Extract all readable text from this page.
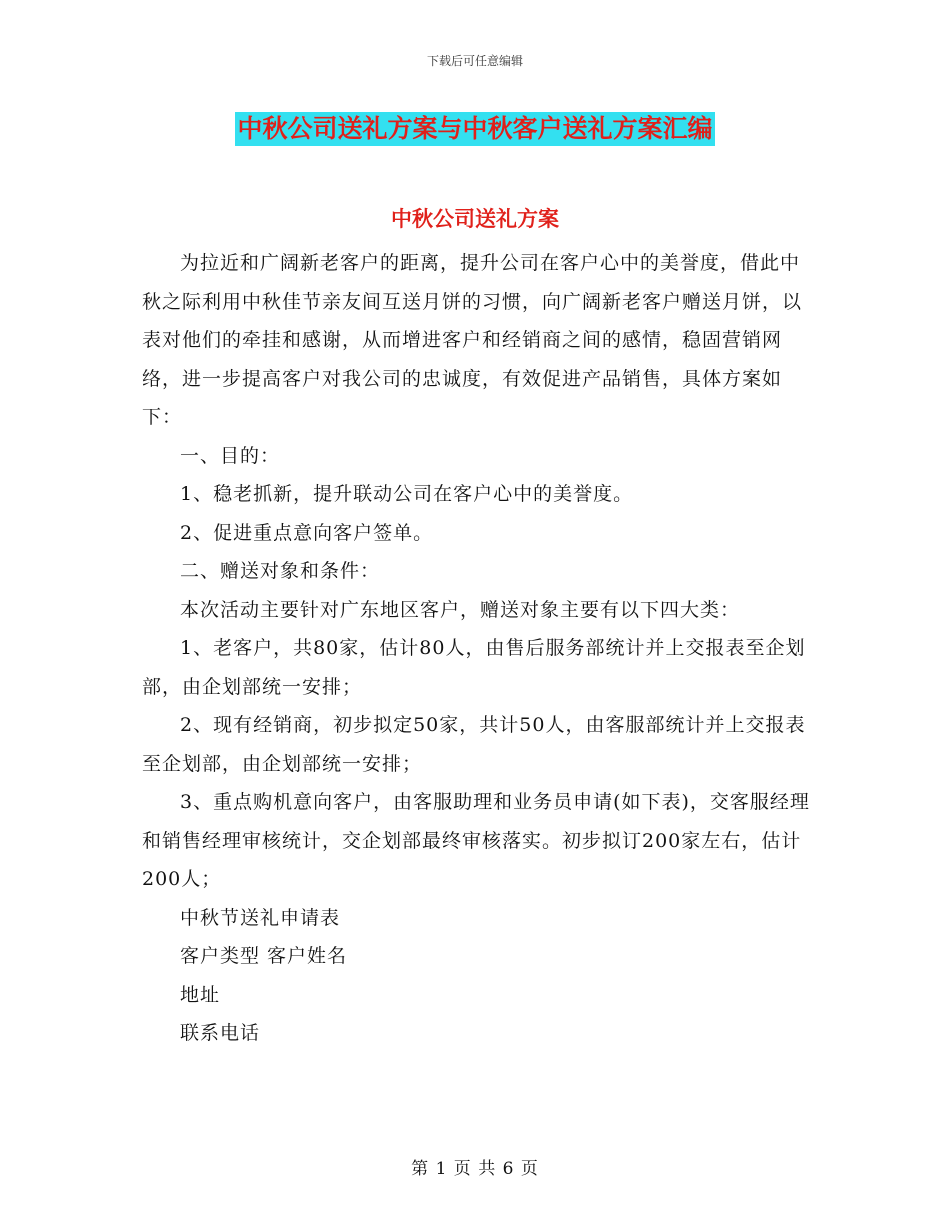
下载后可任意编辑
中秋公司送礼方案与中秋客户送礼方案汇编
中秋公司送礼方案

为拉近和广阔新老客户的距离，提升公司在客户心中的美誉度，借此中秋之际利用中秋佳节亲友间互送月饼的习惯，向广阔新老客户赠送月饼，以表对他们的牵挂和感谢，从而增进客户和经销商之间的感情，稳固营销网络，进一步提高客户对我公司的忠诚度，有效促进产品销售，具体方案如下：

一、目的：

1、稳老抓新，提升联动公司在客户心中的美誉度。

2、促进重点意向客户签单。

二、赠送对象和条件：

本次活动主要针对广东地区客户，赠送对象主要有以下四大类：

1、老客户，共80家，估计80人，由售后服务部统计并上交报表至企划部，由企划部统一安排；

2、现有经销商，初步拟定50家，共计50人，由客服部统计并上交报表至企划部，由企划部统一安排；

3、重点购机意向客户，由客服助理和业务员申请(如下表)，交客服经理和销售经理审核统计，交企划部最终审核落实。初步拟订200家左右，估计200人；

中秋节送礼申请表

客户类型 客户姓名

地址

联系电话

第 1 页 共 6 页
